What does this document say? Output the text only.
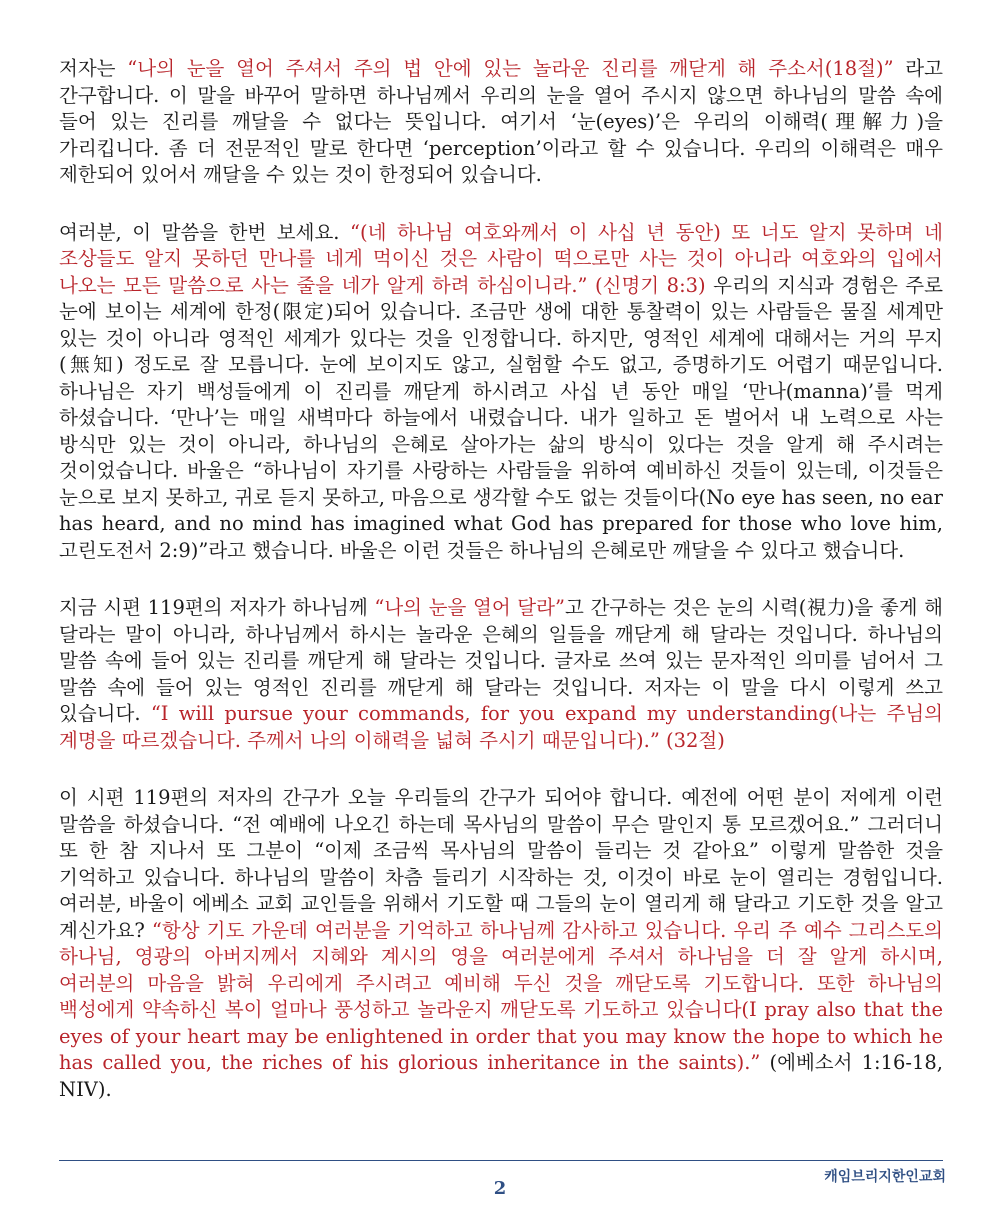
저자는 “나의 눈을 열어 주셔서 주의 법 안에 있는 놀라운 진리를 깨닫게 해 주소서(18절)” 라고 간구합니다. 이 말을 바꾸어 말하면 하나님께서 우리의 눈을 열어 주시지 않으면 하나님의 말씀 속에 들어 있는 진리를 깨달을 수 없다는 뜻입니다. 여기서 ‘눈(eyes)’은 우리의 이해력(理解力)을 가리킵니다. 좀 더 전문적인 말로 한다면 ‘perception’이라고 할 수 있습니다. 우리의 이해력은 매우 제한되어 있어서 깨달을 수 있는 것이 한정되어 있습니다.

여러분, 이 말씀을 한번 보세요. “(네 하나님 여호와께서 이 사십 년 동안) 또 너도 알지 못하며 네 조상들도 알지 못하던 만나를 네게 먹이신 것은 사람이 떡으로만 사는 것이 아니라 여호와의 입에서 나오는 모든 말씀으로 사는 줄을 네가 알게 하려 하심이니라.” (신명기 8:3) 우리의 지식과 경험은 주로 눈에 보이는 세계에 한정(限定)되어 있습니다. 조금만 생에 대한 통찰력이 있는 사람들은 물질 세계만 있는 것이 아니라 영적인 세계가 있다는 것을 인정합니다. 하지만, 영적인 세계에 대해서는 거의 무지(無知) 정도로 잘 모릅니다. 눈에 보이지도 않고, 실험할 수도 없고, 증명하기도 어렵기 때문입니다. 하나님은 자기 백성들에게 이 진리를 깨닫게 하시려고 사십 년 동안 매일 ‘만나(manna)’를 먹게 하셨습니다. ‘만나’는 매일 새벽마다 하늘에서 내렸습니다. 내가 일하고 돈 벌어서 내 노력으로 사는 방식만 있는 것이 아니라, 하나님의 은혜로 살아가는 삶의 방식이 있다는 것을 알게 해 주시려는 것이었습니다. 바울은 “하나님이 자기를 사랑하는 사람들을 위하여 예비하신 것들이 있는데, 이것들은 눈으로 보지 못하고, 귀로 듣지 못하고, 마음으로 생각할 수도 없는 것들이다(No eye has seen, no ear has heard, and no mind has imagined what God has prepared for those who love him, 고린도전서 2:9)”라고 했습니다. 바울은 이런 것들은 하나님의 은혜로만 깨달을 수 있다고 했습니다.

지금 시편 119편의 저자가 하나님께 “나의 눈을 열어 달라”고 간구하는 것은 눈의 시력(視力)을 좋게 해 달라는 말이 아니라, 하나님께서 하시는 놀라운 은혜의 일들을 깨닫게 해 달라는 것입니다. 하나님의 말씀 속에 들어 있는 진리를 깨닫게 해 달라는 것입니다. 글자로 쓰여 있는 문자적인 의미를 넘어서 그 말씀 속에 들어 있는 영적인 진리를 깨닫게 해 달라는 것입니다. 저자는 이 말을 다시 이렇게 쓰고 있습니다. “I will pursue your commands, for you expand my understanding(나는 주님의 계명을 따르겠습니다. 주께서 나의 이해력을 넓혀 주시기 때문입니다).” (32절)

이 시편 119편의 저자의 간구가 오늘 우리들의 간구가 되어야 합니다. 예전에 어떤 분이 저에게 이런 말씀을 하셨습니다. “전 예배에 나오긴 하는데 목사님의 말씀이 무슨 말인지 통 모르겠어요.” 그러더니 또 한 참 지나서 또 그분이 “이제 조금씩 목사님의 말씀이 들리는 것 같아요” 이렇게 말씀한 것을 기억하고 있습니다. 하나님의 말씀이 차츰 들리기 시작하는 것, 이것이 바로 눈이 열리는 경험입니다. 여러분, 바울이 에베소 교회 교인들을 위해서 기도할 때 그들의 눈이 열리게 해 달라고 기도한 것을 알고 계신가요? “항상 기도 가운데 여러분을 기억하고 하나님께 감사하고 있습니다. 우리 주 예수 그리스도의 하나님, 영광의 아버지께서 지혜와 계시의 영을 여러분에게 주셔서 하나님을 더 잘 알게 하시며, 여러분의 마음을 밝혀 우리에게 주시려고 예비해 두신 것을 깨닫도록 기도합니다. 또한 하나님의 백성에게 약속하신 복이 얼마나 풍성하고 놀라운지 깨닫도록 기도하고 있습니다(I pray also that the eyes of your heart may be enlightened in order that you may know the hope to which he has called you, the riches of his glorious inheritance in the saints).” (에베소서 1:16-18, NIV).

캐임브리지한인교회
2
